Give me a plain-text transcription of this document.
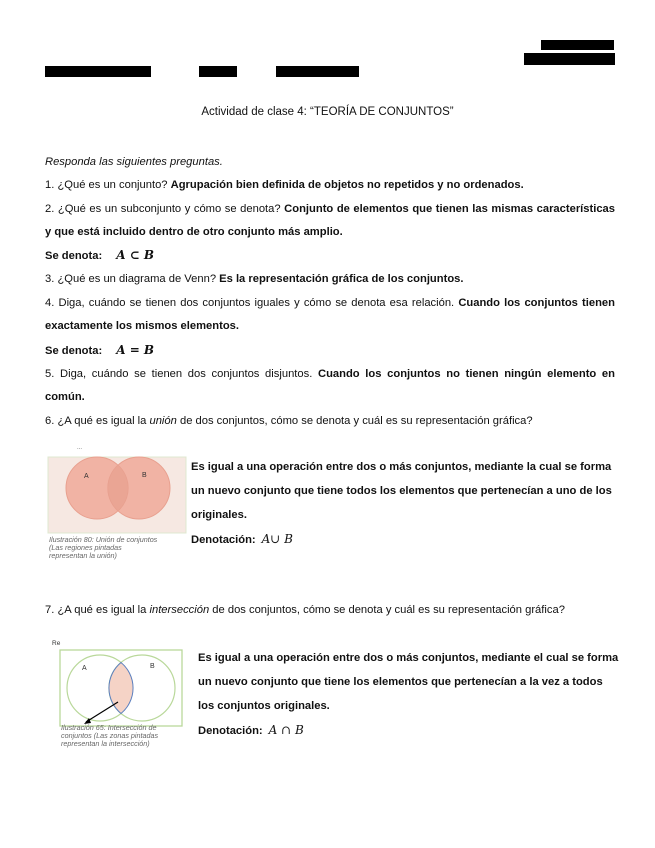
Actividad de clase 4: “TEORÍA DE CONJUNTOS”
Responda las siguientes preguntas.
1. ¿Qué es un conjunto? Agrupación bien definida de objetos no repetidos y no ordenados.
2. ¿Qué es un subconjunto y cómo se denota? Conjunto de elementos que tienen las mismas características
y que está incluido dentro de otro conjunto más amplio.
Se denota: A ⊂ B
3. ¿Qué es un diagrama de Venn? Es la representación gráfica de los conjuntos.
4. Diga, cuándo se tienen dos conjuntos iguales y cómo se denota esa relación. Cuando los conjuntos tienen
exactamente los mismos elementos.
Se denota: A = B
5. Diga, cuándo se tienen dos conjuntos disjuntos. Cuando los conjuntos no tienen ningún elemento en
común.
6. ¿A qué es igual la unión de dos conjuntos, cómo se denota y cuál es su representación gráfica?
...
A	B
Ilustración 80: Unión de conjuntos
(Las regiones pintadas
representan la unión)
Es igual a una operación entre dos o más conjuntos, mediante la cual se forma
un nuevo conjunto que tiene todos los elementos que pertenecían a uno de los
originales.
Denotación: A∪ B
7. ¿A qué es igual la intersección de dos conjuntos, cómo se denota y cuál es su representación gráfica?
Re
A	B
Ilustración 65: Intersección de
conjuntos (Las zonas pintadas
representan la intersección)
Es igual a una operación entre dos o más conjuntos, mediante el cual se forma
un nuevo conjunto que tiene los elementos que pertenecían a la vez a todos
los conjuntos originales.
Denotación: A ∩ B
